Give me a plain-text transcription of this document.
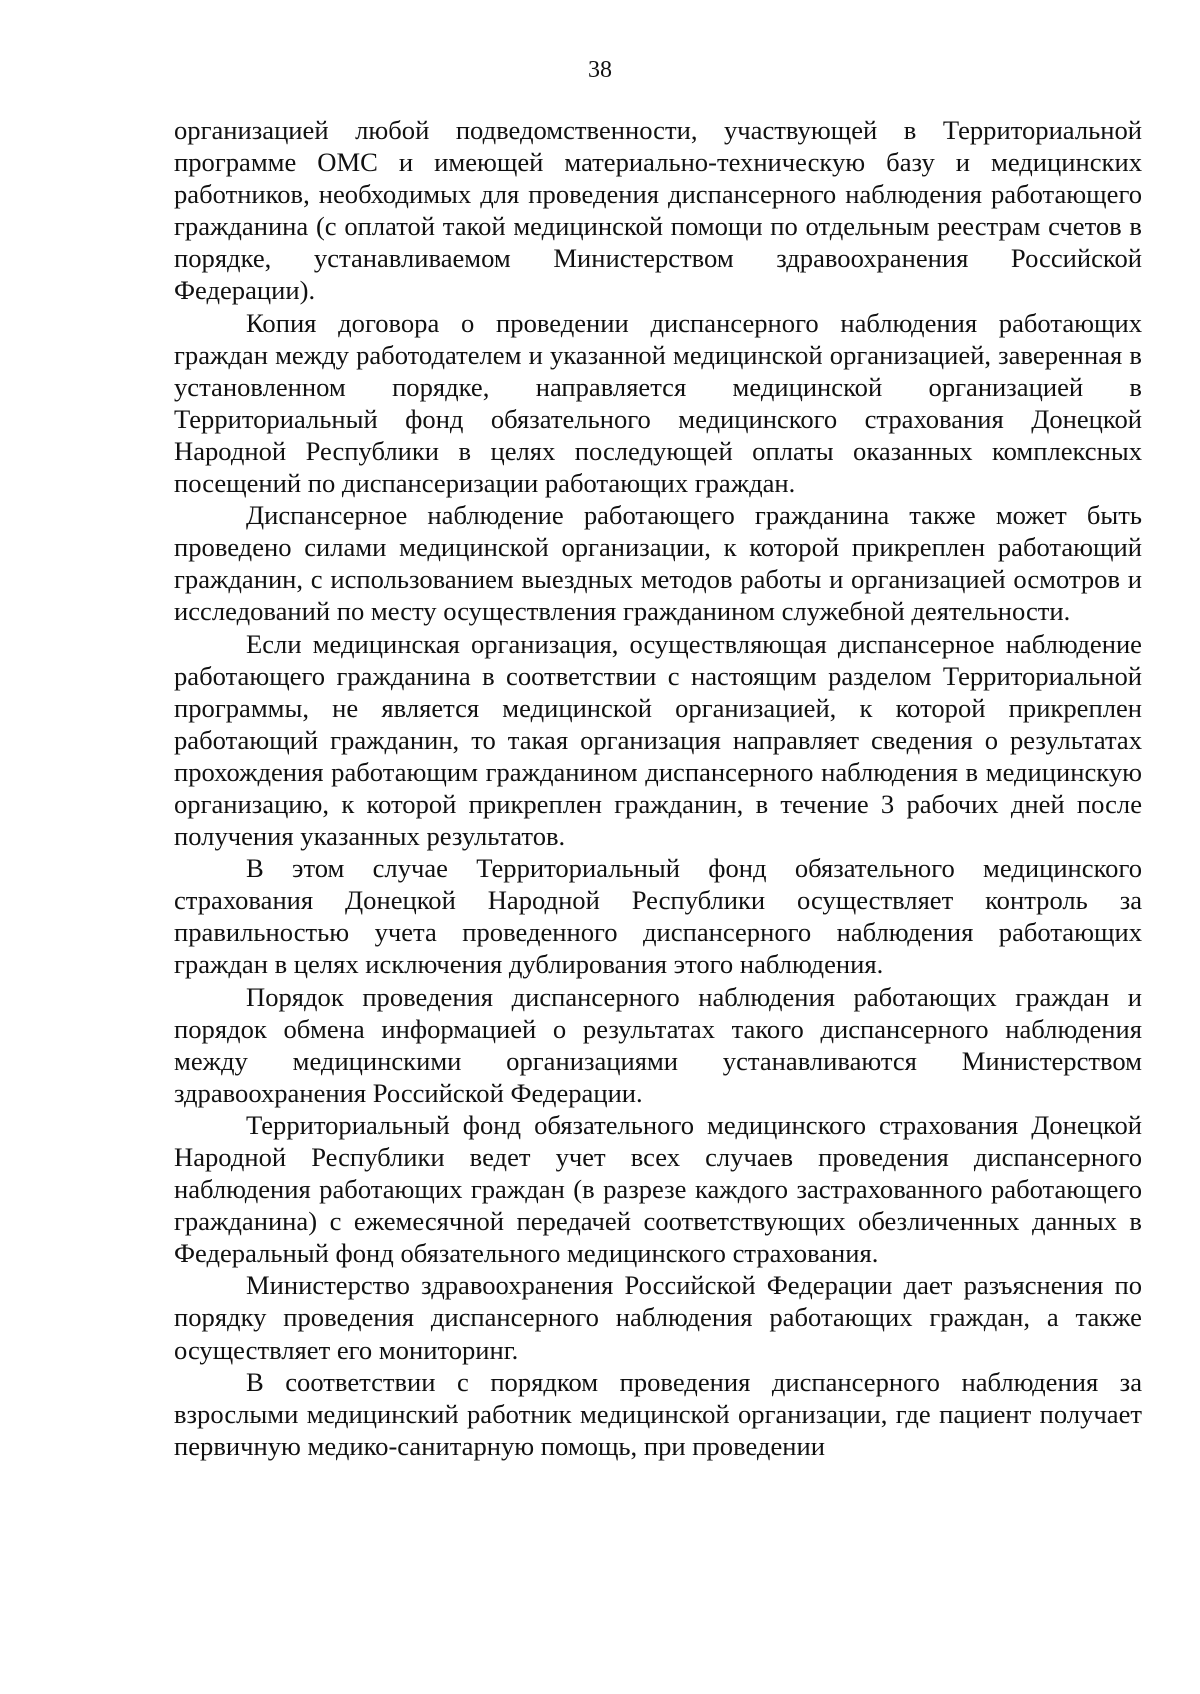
38

организацией любой подведомственности, участвующей в Территориальной программе ОМС и имеющей материально-техническую базу и медицинских работников, необходимых для проведения диспансерного наблюдения работающего гражданина (с оплатой такой медицинской помощи по отдельным реестрам счетов в порядке, устанавливаемом Министерством здравоохранения Российской Федерации).

Копия договора о проведении диспансерного наблюдения работающих граждан между работодателем и указанной медицинской организацией, заверенная в установленном порядке, направляется медицинской организацией в Территориальный фонд обязательного медицинского страхования Донецкой Народной Республики в целях последующей оплаты оказанных комплексных посещений по диспансеризации работающих граждан.

Диспансерное наблюдение работающего гражданина также может быть проведено силами медицинской организации, к которой прикреплен работающий гражданин, с использованием выездных методов работы и организацией осмотров и исследований по месту осуществления гражданином служебной деятельности.

Если медицинская организация, осуществляющая диспансерное наблюдение работающего гражданина в соответствии с настоящим разделом Территориальной программы, не является медицинской организацией, к которой прикреплен работающий гражданин, то такая организация направляет сведения о результатах прохождения работающим гражданином диспансерного наблюдения в медицинскую организацию, к которой прикреплен гражданин, в течение 3 рабочих дней после получения указанных результатов.

В этом случае Территориальный фонд обязательного медицинского страхования Донецкой Народной Республики осуществляет контроль за правильностью учета проведенного диспансерного наблюдения работающих граждан в целях исключения дублирования этого наблюдения.

Порядок проведения диспансерного наблюдения работающих граждан и порядок обмена информацией о результатах такого диспансерного наблюдения между медицинскими организациями устанавливаются Министерством здравоохранения Российской Федерации.

Территориальный фонд обязательного медицинского страхования Донецкой Народной Республики ведет учет всех случаев проведения диспансерного наблюдения работающих граждан (в разрезе каждого застрахованного работающего гражданина) с ежемесячной передачей соответствующих обезличенных данных в Федеральный фонд обязательного медицинского страхования.

Министерство здравоохранения Российской Федерации дает разъяснения по порядку проведения диспансерного наблюдения работающих граждан, а также осуществляет его мониторинг.

В соответствии с порядком проведения диспансерного наблюдения за взрослыми медицинский работник медицинской организации, где пациент получает первичную медико-санитарную помощь, при проведении
